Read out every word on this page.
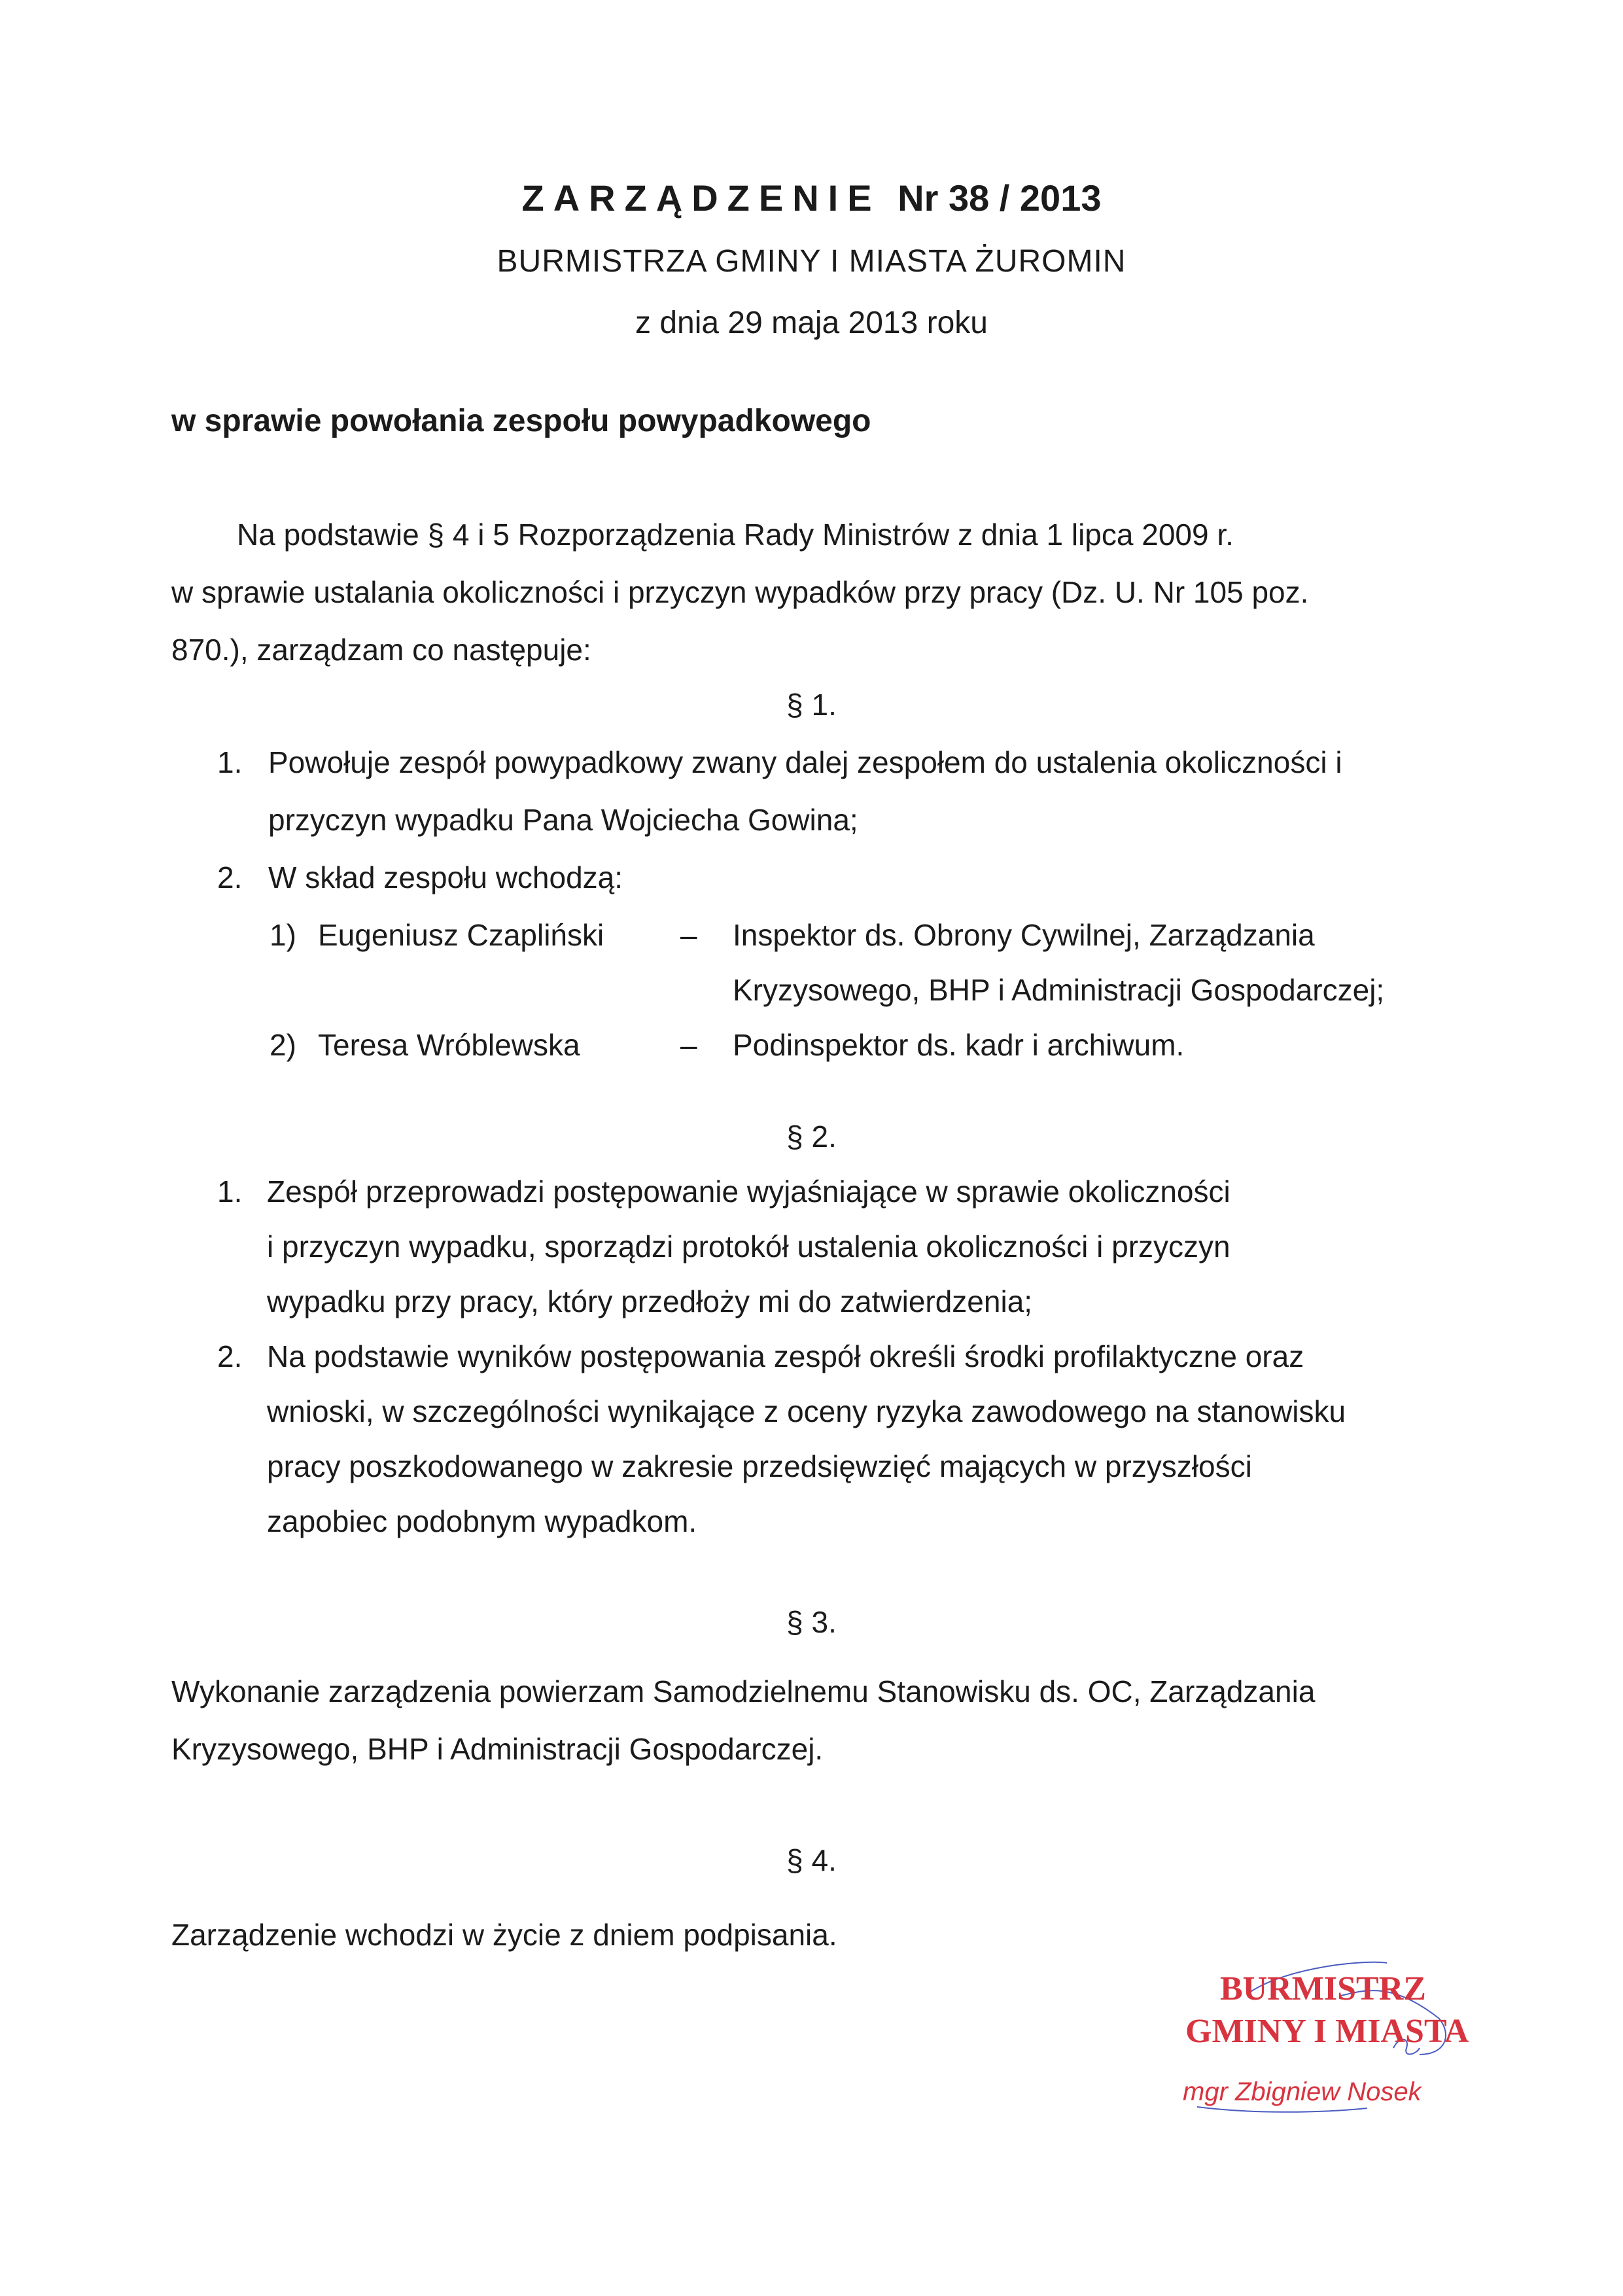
ZARZĄDZENIE Nr 38 / 2013
BURMISTRZA GMINY I MIASTA ŻUROMIN
z dnia 29 maja 2013 roku
w sprawie powołania zespołu powypadkowego
Na podstawie § 4 i 5 Rozporządzenia Rady Ministrów z dnia 1 lipca 2009 r.
w sprawie ustalania okoliczności i przyczyn wypadków przy pracy (Dz. U. Nr 105 poz.
870.), zarządzam co następuje:
§ 1.
1. Powołuje zespół powypadkowy zwany dalej zespołem do ustalenia okoliczności i
przyczyn wypadku Pana Wojciecha Gowina;
2. W skład zespołu wchodzą:
1) Eugeniusz Czapliński	– Inspektor ds. Obrony Cywilnej, Zarządzania
Kryzysowego, BHP i Administracji Gospodarczej;
2) Teresa Wróblewska	– Podinspektor ds. kadr i archiwum.
§ 2.
1. Zespół przeprowadzi postępowanie wyjaśniające w sprawie okoliczności
i przyczyn wypadku, sporządzi protokół ustalenia okoliczności i przyczyn
wypadku przy pracy, który przedłoży mi do zatwierdzenia;
2. Na podstawie wyników postępowania zespół określi środki profilaktyczne oraz
wnioski, w szczególności wynikające z oceny ryzyka zawodowego na stanowisku
pracy poszkodowanego w zakresie przedsięwzięć mających w przyszłości
zapobiec podobnym wypadkom.
§ 3.
Wykonanie zarządzenia powierzam Samodzielnemu Stanowisku ds. OC, Zarządzania
Kryzysowego, BHP i Administracji Gospodarczej.
§ 4.
Zarządzenie wchodzi w życie z dniem podpisania.
BURMISTRZ
GMINY I MIASTA
mgr Zbigniew Nosek
